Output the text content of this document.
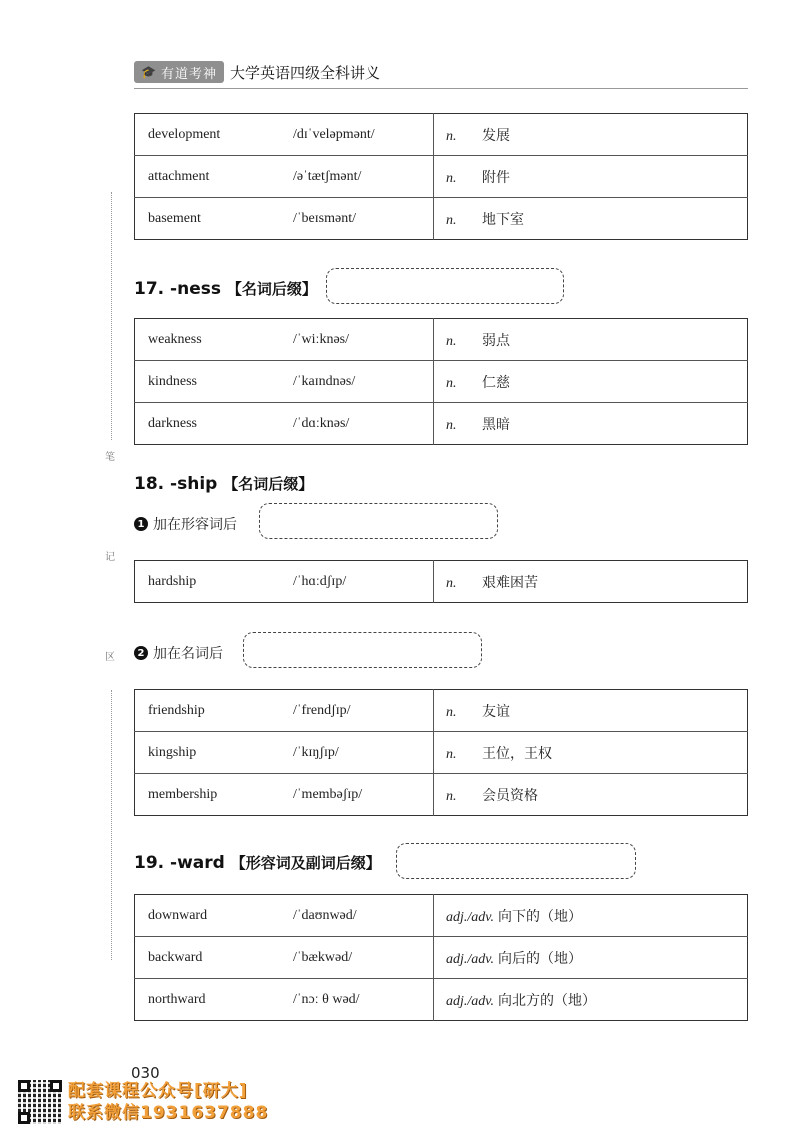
🎓 有道考神 大学英语四级全科讲义
笔
记
区
development	/dɪˈveləpmənt/	n. 发展
attachment	/əˈtætʃmənt/	n. 附件
basement	/ˈbeɪsmənt/	n. 地下室
17. -ness 【名词后缀】
weakness	/ˈwiːknəs/	n. 弱点
kindness	/ˈkaɪndnəs/	n. 仁慈
darkness	/ˈdɑːknəs/	n. 黑暗
18. -ship 【名词后缀】
1 加在形容词后
hardship	/ˈhɑːdʃɪp/	n. 艰难困苦
2 加在名词后
friendship	/ˈfrendʃɪp/	n. 友谊
kingship	/ˈkɪŋʃɪp/	n. 王位，王权
membership	/ˈmembəʃɪp/	n. 会员资格
19. -ward 【形容词及副词后缀】
downward	/ˈdaʊnwəd/	adj./adv. 向下的（地）
backward	/ˈbækwəd/	adj./adv. 向后的（地）
northward	/ˈnɔː θ wəd/	adj./adv. 向北方的（地）
030
配套课程公众号[研大]
联系微信1931637888
